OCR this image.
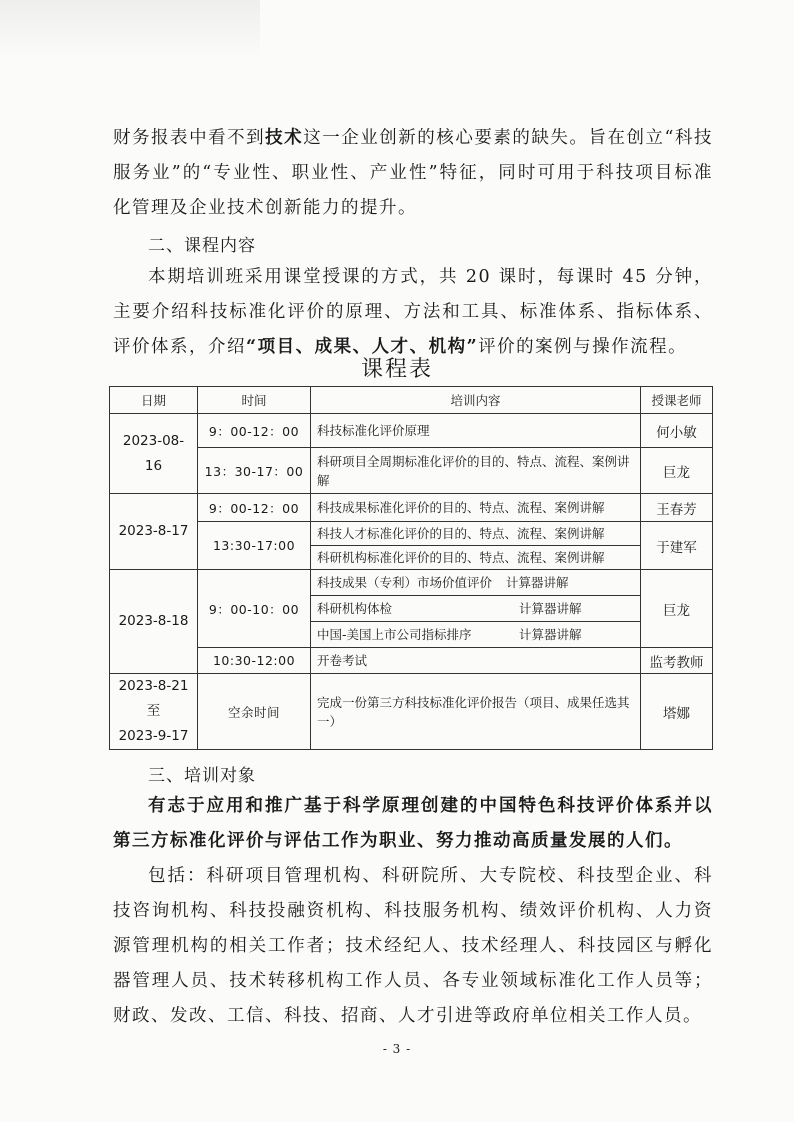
财务报表中看不到技术这一企业创新的核心要素的缺失。旨在创立“科技服务业”的“专业性、职业性、产业性”特征，同时可用于科技项目标准化管理及企业技术创新能力的提升。
二、课程内容
本期培训班采用课堂授课的方式，共 20 课时，每课时 45 分钟，主要介绍科技标准化评价的原理、方法和工具、标准体系、指标体系、评价体系，介绍“项目、成果、人才、机构”评价的案例与操作流程。
课程表
日期	时间	培训内容	授课老师
2023-08-16	9：00-12：00	科技标准化评价原理	何小敏
	13：30-17：00	科研项目全周期标准化评价的目的、特点、流程、案例讲解	巨龙
2023-8-17	9：00-12：00	科技成果标准化评价的目的、特点、流程、案例讲解	王春芳
	13:30-17:00	科技人才标准化评价的目的、特点、流程、案例讲解	于建军
		科研机构标准化评价的目的、特点、流程、案例讲解	
2023-8-18	9：00-10：00	科技成果（专利）市场价值评价 计算器讲解	巨龙
		科研机构体检 计算器讲解	
		中国-美国上市公司指标排序 计算器讲解	
	10:30-12:00	开卷考试	监考教师

2023-8-21
至
2023-9-17	空余时间	完成一份第三方科技标准化评价报告（项目、成果任选其一）	塔娜
三、培训对象
有志于应用和推广基于科学原理创建的中国特色科技评价体系并以第三方标准化评价与评估工作为职业、努力推动高质量发展的人们。
包括：科研项目管理机构、科研院所、大专院校、科技型企业、科技咨询机构、科技投融资机构、科技服务机构、绩效评价机构、人力资源管理机构的相关工作者；技术经纪人、技术经理人、科技园区与孵化器管理人员、技术转移机构工作人员、各专业领域标准化工作人员等；财政、发改、工信、科技、招商、人才引进等政府单位相关工作人员。
- 3 -
